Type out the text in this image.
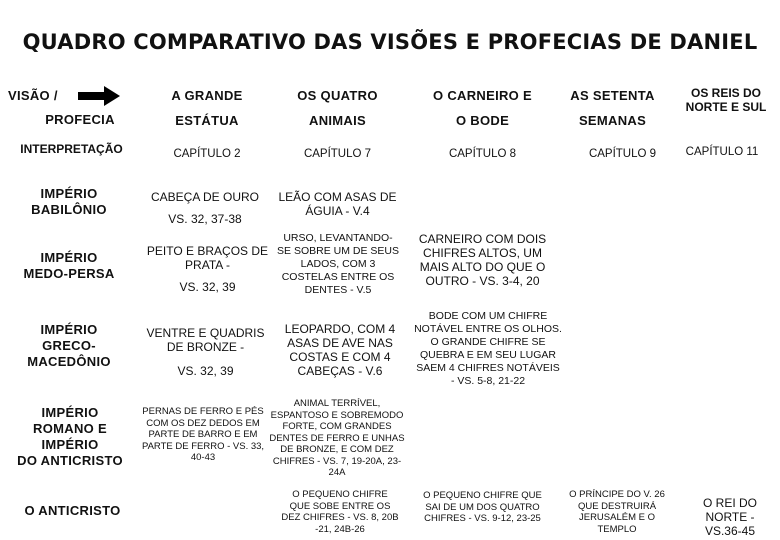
QUADRO COMPARATIVO DAS VISÕES E PROFECIAS DE DANIEL
VISÃO /
PROFECIA
INTERPRETAÇÃO
A GRANDE
ESTÁTUA
CAPÍTULO 2
OS QUATRO
ANIMAIS
CAPÍTULO 7
O CARNEIRO E
O BODE
CAPÍTULO 8
AS SETENTA
SEMANAS
CAPÍTULO 9
OS REIS DO
NORTE E SUL
CAPÍTULO 11
IMPÉRIO
BABILÔNIO
CABEÇA DE OURO
VS. 32, 37-38
LEÃO COM ASAS DE
ÁGUIA - V.4
IMPÉRIO
MEDO-PERSA
PEITO E BRAÇOS DE
PRATA -
VS. 32, 39
URSO, LEVANTANDO-
SE SOBRE UM DE SEUS
LADOS, COM 3
COSTELAS ENTRE OS
DENTES - V.5
CARNEIRO COM DOIS
CHIFRES ALTOS, UM
MAIS ALTO DO QUE O
OUTRO - VS. 3-4, 20
IMPÉRIO
GRECO-
MACEDÔNIO
VENTRE E QUADRIS
DE BRONZE -
VS. 32, 39
LEOPARDO, COM 4
ASAS DE AVE NAS
COSTAS E COM 4
CABEÇAS - V.6
BODE COM UM CHIFRE
NOTÁVEL ENTRE OS OLHOS.
O GRANDE CHIFRE SE
QUEBRA E EM SEU LUGAR
SAEM 4 CHIFRES NOTÁVEIS
- VS. 5-8, 21-22
IMPÉRIO
ROMANO E
IMPÉRIO
DO ANTICRISTO
PERNAS DE FERRO E PÉS
COM OS DEZ DEDOS EM
PARTE DE BARRO E EM
PARTE DE FERRO - VS. 33,
40-43
ANIMAL TERRÍVEL,
ESPANTOSO E SOBREMODO
FORTE, COM GRANDES
DENTES DE FERRO E UNHAS
DE BRONZE, E COM DEZ
CHIFRES - VS. 7, 19-20A, 23-
24A
O ANTICRISTO
O PEQUENO CHIFRE
QUE SOBE ENTRE OS
DEZ CHIFRES - VS. 8, 20B
-21, 24B-26
O PEQUENO CHIFRE QUE
SAI DE UM DOS QUATRO
CHIFRES - VS. 9-12, 23-25
O PRÍNCIPE DO V. 26
QUE DESTRUIRÁ
JERUSALÉM E O
TEMPLO
O REI DO
NORTE -
VS.36-45
